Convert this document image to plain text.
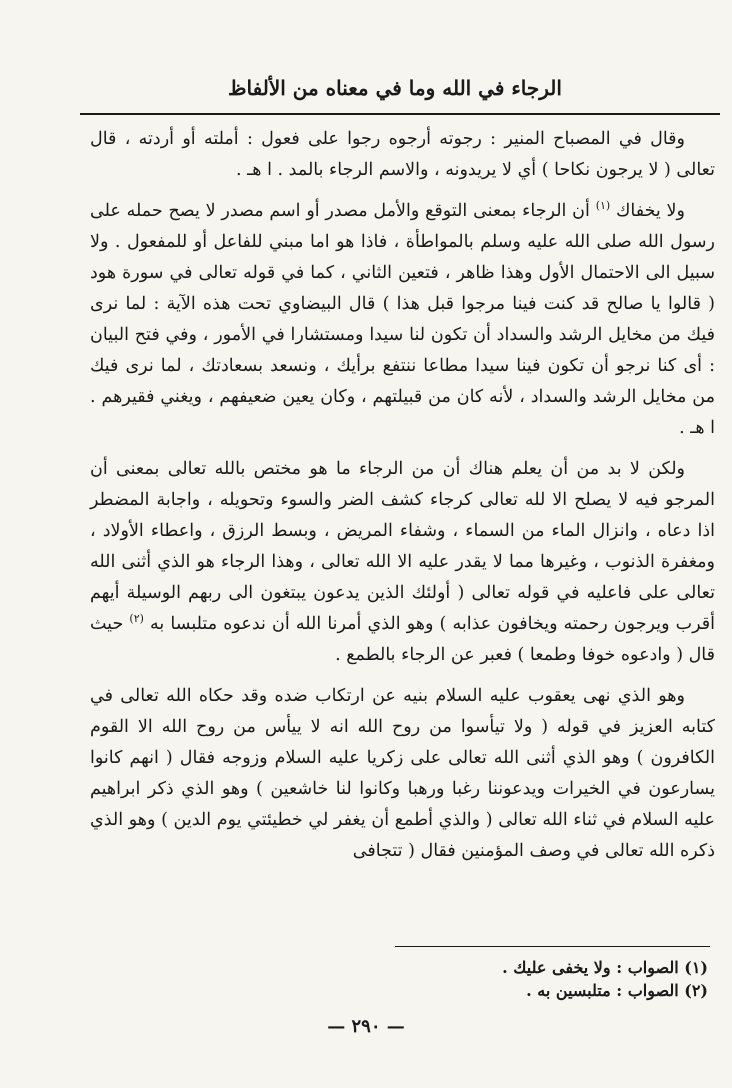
الرجاء في الله وما في معناه من الألفاظ

وقال في المصباح المنير : رجوته أرجوه رجوا على فعول : أملته أو أردته ، قال تعالى ( لا يرجون نكاحا ) أي لا يريدونه ، والاسم الرجاء بالمد . ا هـ .

ولا يخفاك $^{(١)}$ أن الرجاء بمعنى التوقع والأمل مصدر أو اسم مصدر لا يصح حمله على رسول الله صلى الله عليه وسلم بالمواطأة ، فاذا هو اما مبني للفاعل أو للمفعول . ولا سبيل الى الاحتمال الأول وهذا ظاهر ، فتعين الثاني ، كما في قوله تعالى في سورة هود ( قالوا يا صالح قد كنت فينا مرجوا قبل هذا ) قال البيضاوي تحت هذه الآية : لما نرى فيك من مخايل الرشد والسداد أن تكون لنا سيدا ومستشارا في الأمور ، وفي فتح البيان : أى كنا نرجو أن تكون فينا سيدا مطاعا ننتفع برأيك ، ونسعد بسعادتك ، لما نرى فيك من مخايل الرشد والسداد ، لأنه كان من قبيلتهم ، وكان يعين ضعيفهم ، ويغني فقيرهم . ا هـ .

ولكن لا بد من أن يعلم هناك أن من الرجاء ما هو مختص بالله تعالى بمعنى أن المرجو فيه لا يصلح الا لله تعالى كرجاء كشف الضر والسوء وتحويله ، واجابة المضطر اذا دعاه ، وانزال الماء من السماء ، وشفاء المريض ، وبسط الرزق ، واعطاء الأولاد ، ومغفرة الذنوب ، وغيرها مما لا يقدر عليه الا الله تعالى ، وهذا الرجاء هو الذي أثنى الله تعالى على فاعليه في قوله تعالى ( أولئك الذين يدعون يبتغون الى ربهم الوسيلة أيهم أقرب ويرجون رحمته ويخافون عذابه ) وهو الذي أمرنا الله أن ندعوه متلبسا به $^{(٢)}$ حيث قال ( وادعوه خوفا وطمعا ) فعبر عن الرجاء بالطمع .

وهو الذي نهى يعقوب عليه السلام بنيه عن ارتكاب ضده وقد حكاه الله تعالى في كتابه العزيز في قوله ( ولا تيأسوا من روح الله انه لا ييأس من روح الله الا القوم الكافرون ) وهو الذي أثنى الله تعالى على زكريا عليه السلام وزوجه فقال ( انهم كانوا يسارعون في الخيرات ويدعوننا رغبا ورهبا وكانوا لنا خاشعين ) وهو الذي ذكر ابراهيم عليه السلام في ثناء الله تعالى ( والذي أطمع أن يغفر لي خطيئتي يوم الدين ) وهو الذي ذكره الله تعالى في وصف المؤمنين فقال ( تتجافى

(١) الصواب : ولا يخفى عليك .
(٢) الصواب : متلبسين به .
— ٢٩٠ —
